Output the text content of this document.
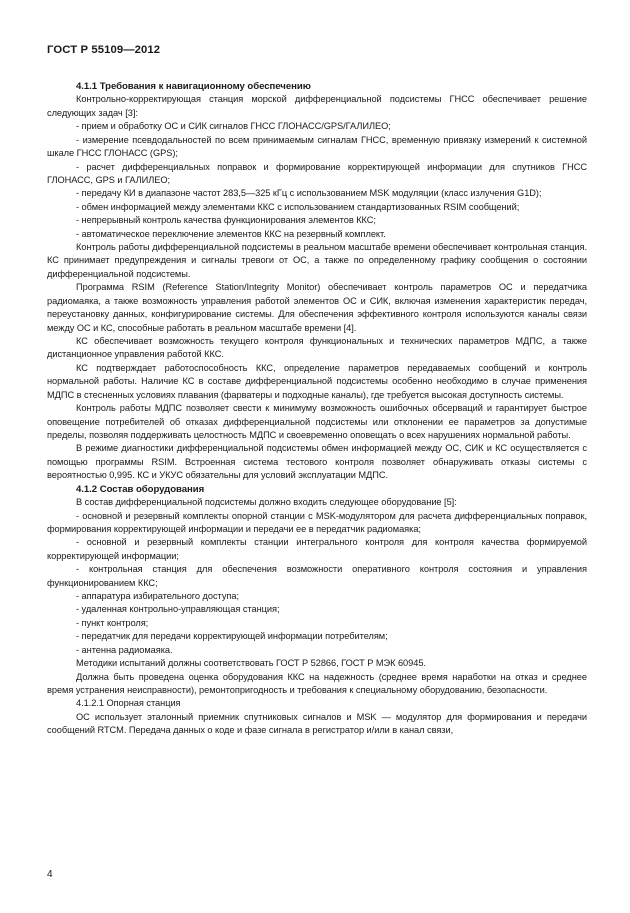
ГОСТ Р 55109—2012

4.1.1 Требования к навигационному обеспечению

Контрольно-корректирующая станция морской дифференциальной подсистемы ГНСС обеспечивает решение следующих задач [3]:

- прием и обработку ОС и СИК сигналов ГНСС ГЛОНАСС/GPS/ГАЛИЛЕО;

- измерение псевдодальностей по всем принимаемым сигналам ГНСС, временную привязку измерений к системной шкале ГНСС ГЛОНАСС (GPS);

- расчет дифференциальных поправок и формирование корректирующей информации для спутников ГНСС ГЛОНАСС, GPS и ГАЛИЛЕО;

- передачу КИ в диапазоне частот 283,5—325 кГц с использованием MSK модуляции (класс излучения G1D);

- обмен информацией между элементами ККС с использованием стандартизованных RSIM сообщений;

- непрерывный контроль качества функционирования элементов ККС;

- автоматическое переключение элементов ККС на резервный комплект.

Контроль работы дифференциальной подсистемы в реальном масштабе времени обеспечивает контрольная станция. КС принимает предупреждения и сигналы тревоги от ОС, а также по определенному графику сообщения о состоянии дифференциальной подсистемы.

Программа RSIM (Reference Station/Integrity Monitor) обеспечивает контроль параметров ОС и передатчика радиомаяка, а также возможность управления работой элементов ОС и СИК, включая изменения характеристик передач, переустановку данных, конфигурирование системы. Для обеспечения эффективного контроля используются каналы связи между ОС и КС, способные работать в реальном масштабе времени [4].

КС обеспечивает возможность текущего контроля функциональных и технических параметров МДПС, а также дистанционное управления работой ККС.

КС подтверждает работоспособность ККС, определение параметров передаваемых сообщений и контроль нормальной работы. Наличие КС в составе дифференциальной подсистемы особенно необходимо в случае применения МДПС в стесненных условиях плавания (фарватеры и подходные каналы), где требуется высокая доступность системы.

Контроль работы МДПС позволяет свести к минимуму возможность ошибочных обсерваций и гарантирует быстрое оповещение потребителей об отказах дифференциальной подсистемы или отклонении ее параметров за допустимые пределы, позволяя поддерживать целостность МДПС и своевременно оповещать о всех нарушениях нормальной работы.

В режиме диагностики дифференциальной подсистемы обмен информацией между ОС, СИК и КС осуществляется с помощью программы RSIM. Встроенная система тестового контроля позволяет обнаруживать отказы системы с вероятностью 0,995. КС и УКУС обязательны для условий эксплуатации МДПС.

4.1.2 Состав оборудования

В состав дифференциальной подсистемы должно входить следующее оборудование [5]:

- основной и резервный комплекты опорной станции с MSK-модулятором для расчета дифференциальных поправок, формирования корректирующей информации и передачи ее в передатчик радиомаяка;

- основной и резервный комплекты станции интегрального контроля для контроля качества формируемой корректирующей информации;

- контрольная станция для обеспечения возможности оперативного контроля состояния и управления функционированием ККС;

- аппаратура избирательного доступа;

- удаленная контрольно-управляющая станция;

- пункт контроля;

- передатчик для передачи корректирующей информации потребителям;

- антенна радиомаяка.

Методики испытаний должны соответствовать ГОСТ Р 52866, ГОСТ Р МЭК 60945.

Должна быть проведена оценка оборудования ККС на надежность (среднее время наработки на отказ и среднее время устранения неисправности), ремонтопригодность и требования к специальному оборудованию, безопасности.

4.1.2.1 Опорная станция

ОС использует эталонный приемник спутниковых сигналов и MSK — модулятор для формирования и передачи сообщений RTCM. Передача данных о коде и фазе сигнала в регистратор и/или в канал связи,

4
